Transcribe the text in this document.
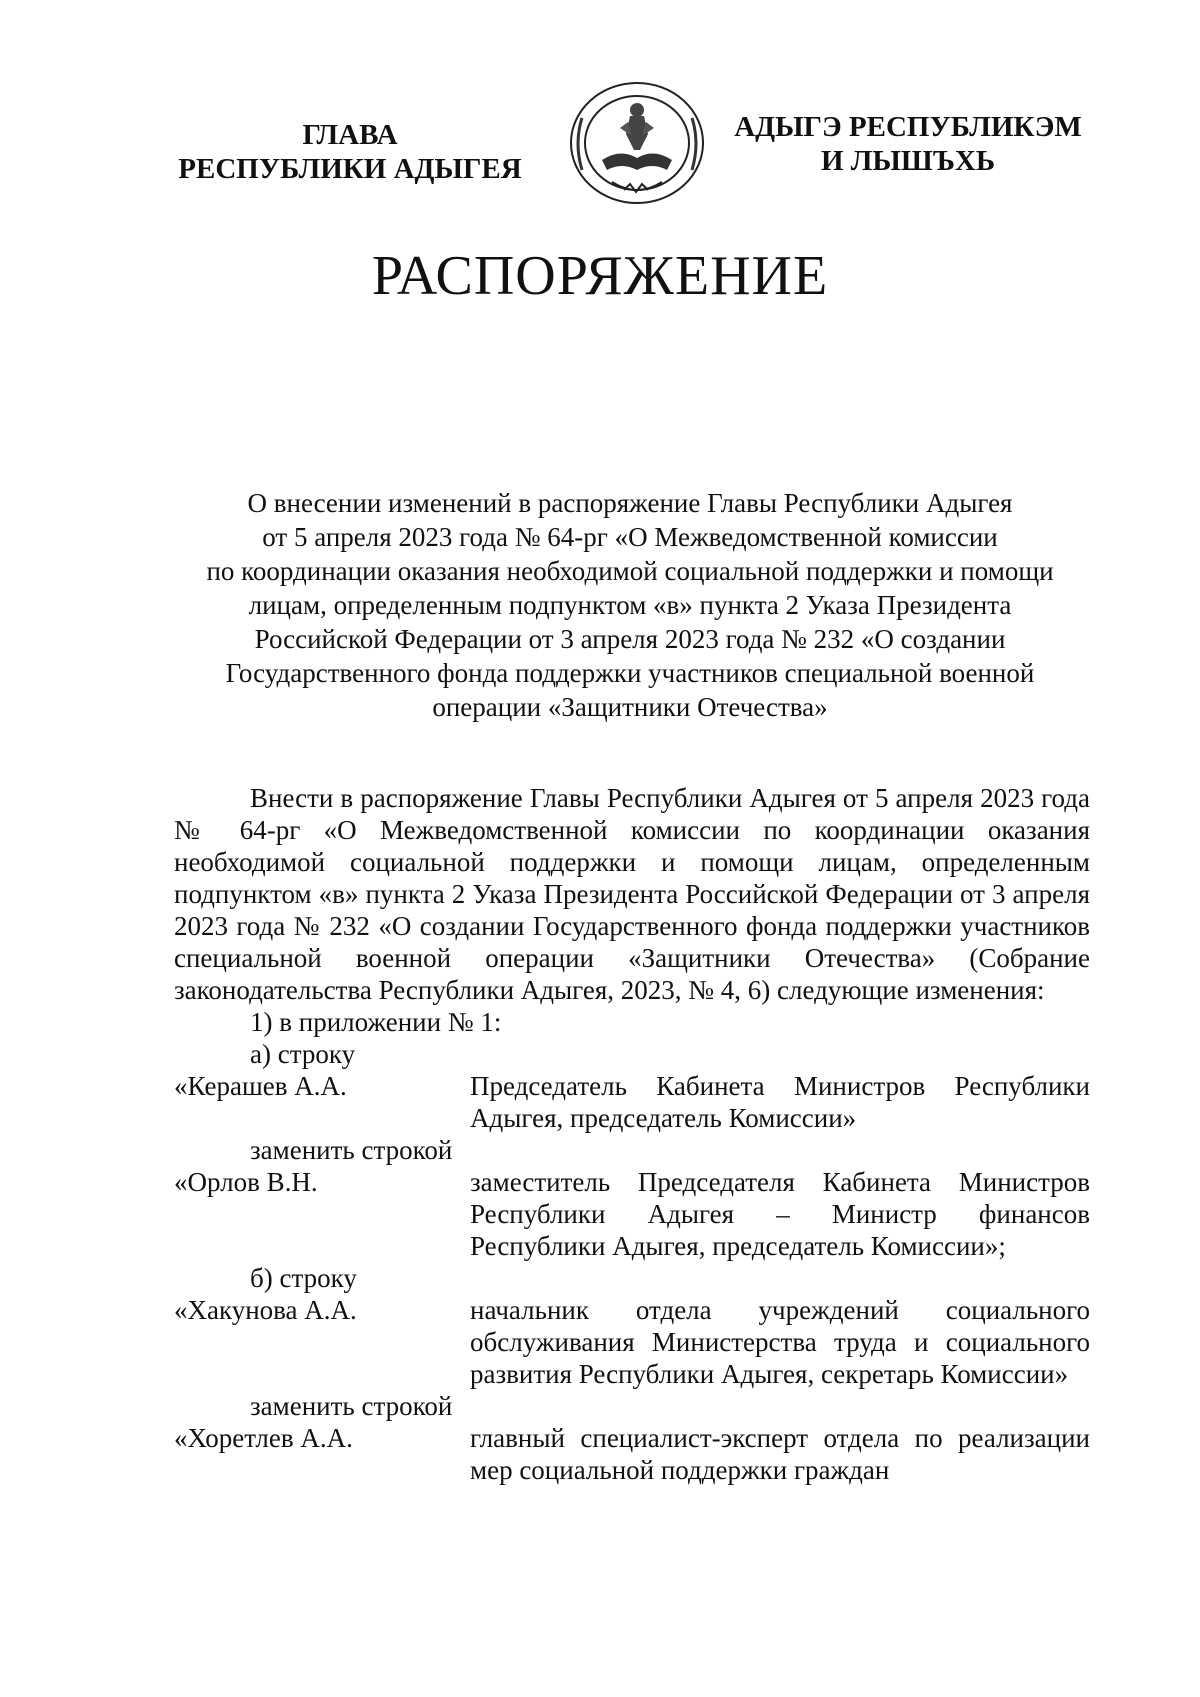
ГЛАВА
РЕСПУБЛИКИ АДЫГЕЯ
АДЫГЭ РЕСПУБЛИКЭМ
И ЛЫШЪХЬ
РАСПОРЯЖЕНИЕ
О внесении изменений в распоряжение Главы Республики Адыгея
от 5 апреля 2023 года № 64-рг «О Межведомственной комиссии
по координации оказания необходимой социальной поддержки и помощи
лицам, определенным подпунктом «в» пункта 2 Указа Президента
Российской Федерации от 3 апреля 2023 года № 232 «О создании
Государственного фонда поддержки участников специальной военной
операции «Защитники Отечества»

Внести в распоряжение Главы Республики Адыгея от 5 апреля 2023 года № 64-рг «О Межведомственной комиссии по координации оказания необходимой социальной поддержки и помощи лицам, определенным подпунктом «в» пункта 2 Указа Президента Российской Федерации от 3 апреля 2023 года № 232 «О создании Государственного фонда поддержки участников специальной военной операции «Защитники Отечества» (Собрание законодательства Республики Адыгея, 2023, № 4, 6) следующие изменения:

1) в приложении № 1:

а) строку

«Керашев А.А.	Председатель Кабинета Министров Республики Адыгея, председатель Комиссии»

заменить строкой

«Орлов В.Н.	заместитель Председателя Кабинета Министров Республики Адыгея – Министр финансов Республики Адыгея, председатель Комиссии»;

б) строку

«Хакунова А.А.	начальник отдела учреждений социального обслуживания Министерства труда и социального развития Республики Адыгея, секретарь Комиссии»

заменить строкой

«Хоретлев А.А.	главный специалист-эксперт отдела по реализации мер социальной поддержки граждан
